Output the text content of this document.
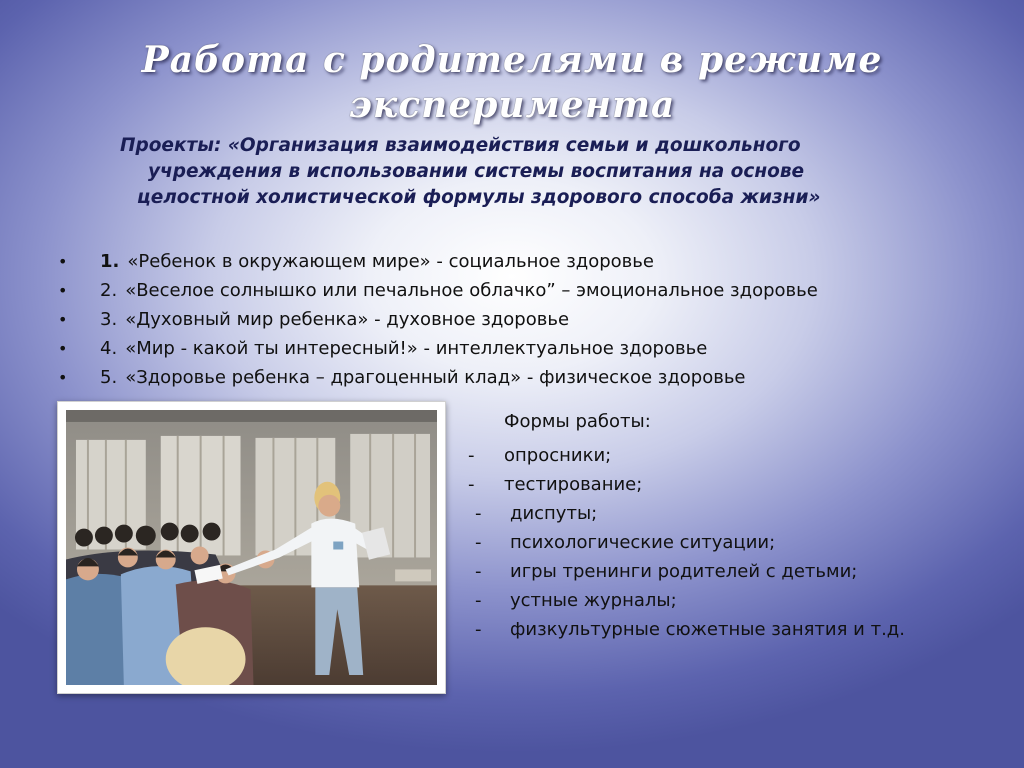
Работа с родителями в режиме эксперимента
Проекты: «Организация взаимодействия семьи и дошкольного
учреждения в использовании системы воспитания на основе
целостной холистической формулы здорового способа жизни»
• 1. «Ребенок в окружающем мире» - социальное здоровье
• 2. «Веселое солнышко или печальное облачко” – эмоциональное здоровье
• 3. «Духовный мир ребенка» - духовное здоровье
• 4. «Мир - какой ты интересный!» - интеллектуальное здоровье
• 5. «Здоровье ребенка – драгоценный клад» - физическое здоровье
Формы работы:
- опросники;
- тестирование;
- диспуты;
- психологические ситуации;
- игры тренинги родителей с детьми;
- устные журналы;
- физкультурные сюжетные занятия и т.д.
